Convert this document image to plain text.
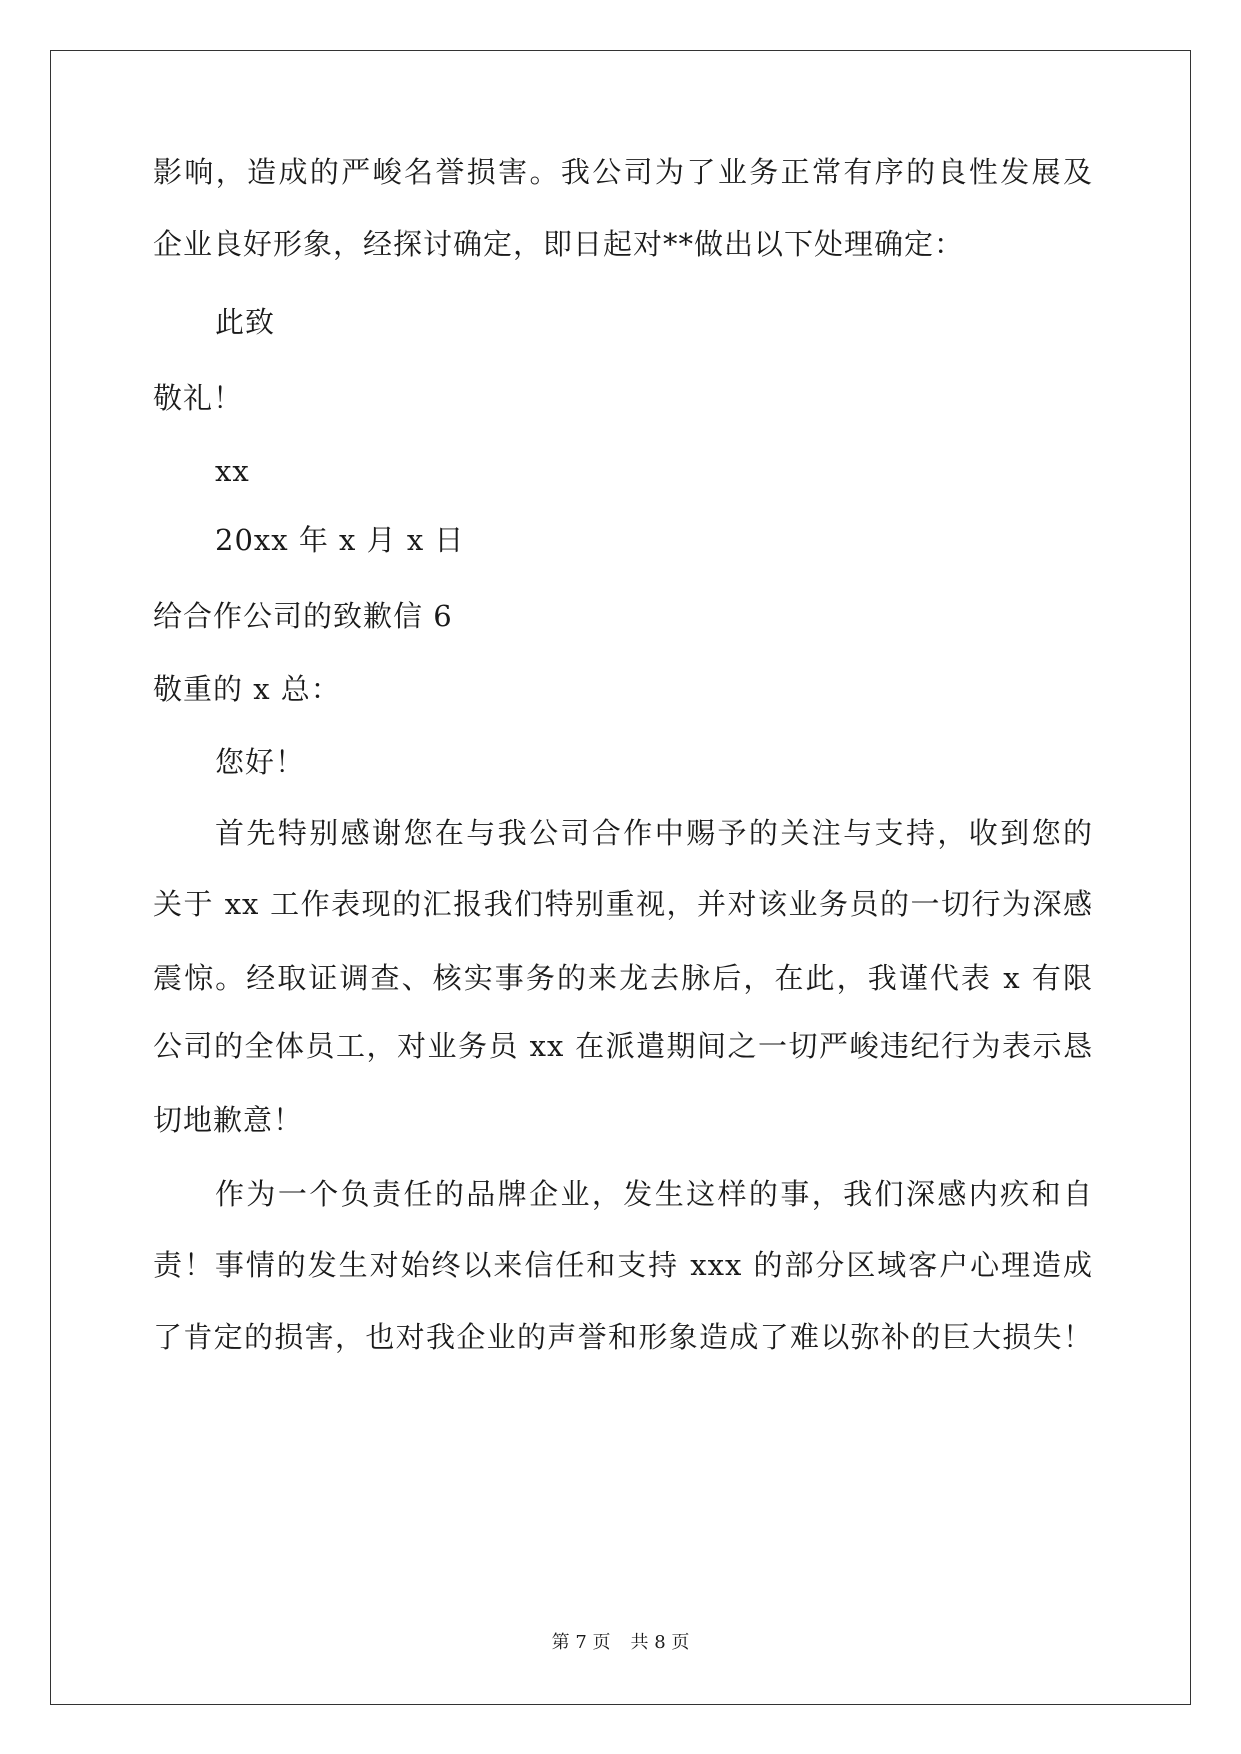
影响，造成的严峻名誉损害。我公司为了业务正常有序的良性发展及
企业良好形象，经探讨确定，即日起对**做出以下处理确定：
此致
敬礼！
xx
20xx 年 x 月 x 日
给合作公司的致歉信 6
敬重的 x 总：
您好！
首先特别感谢您在与我公司合作中赐予的关注与支持，收到您的
关于 xx 工作表现的汇报我们特别重视，并对该业务员的一切行为深感
震惊。经取证调查、核实事务的来龙去脉后，在此，我谨代表 x 有限
公司的全体员工，对业务员 xx 在派遣期间之一切严峻违纪行为表示恳
切地歉意！
作为一个负责任的品牌企业，发生这样的事，我们深感内疚和自
责！事情的发生对始终以来信任和支持 xxx 的部分区域客户心理造成
了肯定的损害，也对我企业的声誉和形象造成了难以弥补的巨大损失！
第 7 页 共 8 页
